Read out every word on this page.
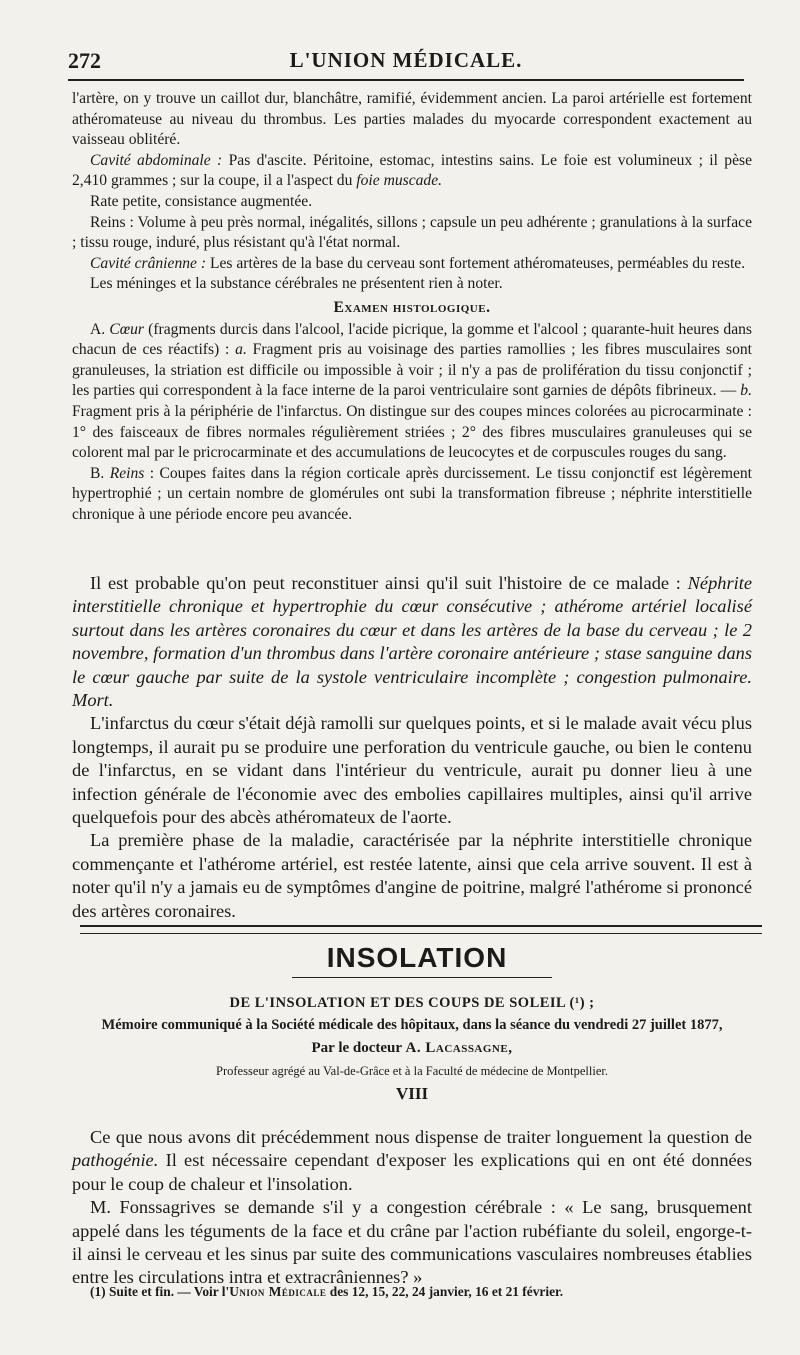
272	L'UNION MÉDICALE.

l'artère, on y trouve un caillot dur, blanchâtre, ramifié, évidemment ancien. La paroi artérielle est fortement athéromateuse au niveau du thrombus. Les parties malades du myocarde correspondent exactement au vaisseau oblitéré.

Cavité abdominale : Pas d'ascite. Péritoine, estomac, intestins sains. Le foie est volumineux ; il pèse 2,410 grammes ; sur la coupe, il a l'aspect du foie muscade.

Rate petite, consistance augmentée.

Reins : Volume à peu près normal, inégalités, sillons ; capsule un peu adhérente ; granulations à la surface ; tissu rouge, induré, plus résistant qu'à l'état normal.

Cavité crânienne : Les artères de la base du cerveau sont fortement athéromateuses, perméables du reste.

Les méninges et la substance cérébrales ne présentent rien à noter.

Examen histologique.

A. Cœur (fragments durcis dans l'alcool, l'acide picrique, la gomme et l'alcool ; quarante-huit heures dans chacun de ces réactifs) : a. Fragment pris au voisinage des parties ramollies ; les fibres musculaires sont granuleuses, la striation est difficile ou impossible à voir ; il n'y a pas de prolifération du tissu conjonctif ; les parties qui correspondent à la face interne de la paroi ventriculaire sont garnies de dépôts fibrineux. — b. Fragment pris à la périphérie de l'infarctus. On distingue sur des coupes minces colorées au picrocarminate : 1° des faisceaux de fibres normales régulièrement striées ; 2° des fibres musculaires granuleuses qui se colorent mal par le pricrocarminate et des accumulations de leucocytes et de corpuscules rouges du sang.

B. Reins : Coupes faites dans la région corticale après durcissement. Le tissu conjonctif est légèrement hypertrophié ; un certain nombre de glomérules ont subi la transformation fibreuse ; néphrite interstitielle chronique à une période encore peu avancée.

Il est probable qu'on peut reconstituer ainsi qu'il suit l'histoire de ce malade : Néphrite interstitielle chronique et hypertrophie du cœur consécutive ; athérome artériel localisé surtout dans les artères coronaires du cœur et dans les artères de la base du cerveau ; le 2 novembre, formation d'un thrombus dans l'artère coronaire antérieure ; stase sanguine dans le cœur gauche par suite de la systole ventriculaire incomplète ; congestion pulmonaire. Mort.

L'infarctus du cœur s'était déjà ramolli sur quelques points, et si le malade avait vécu plus longtemps, il aurait pu se produire une perforation du ventricule gauche, ou bien le contenu de l'infarctus, en se vidant dans l'intérieur du ventricule, aurait pu donner lieu à une infection générale de l'économie avec des embolies capillaires multiples, ainsi qu'il arrive quelquefois pour des abcès athéromateux de l'aorte.

La première phase de la maladie, caractérisée par la néphrite interstitielle chronique commençante et l'athérome artériel, est restée latente, ainsi que cela arrive souvent. Il est à noter qu'il n'y a jamais eu de symptômes d'angine de poitrine, malgré l'athérome si prononcé des artères coronaires.

INSOLATION

DE L'INSOLATION ET DES COUPS DE SOLEIL (¹) ;

Mémoire communiqué à la Société médicale des hôpitaux, dans la séance du vendredi 27 juillet 1877,

Par le docteur A. Lacassagne,

Professeur agrégé au Val-de-Grâce et à la Faculté de médecine de Montpellier.

VIII

Ce que nous avons dit précédemment nous dispense de traiter longuement la question de pathogénie. Il est nécessaire cependant d'exposer les explications qui en ont été données pour le coup de chaleur et l'insolation.

M. Fonssagrives se demande s'il y a congestion cérébrale : « Le sang, brusquement appelé dans les téguments de la face et du crâne par l'action rubéfiante du soleil, engorge-t-il ainsi le cerveau et les sinus par suite des communications vasculaires nombreuses établies entre les circulations intra et extracrâniennes? »

(1) Suite et fin. — Voir l'Union Médicale des 12, 15, 22, 24 janvier, 16 et 21 février.
